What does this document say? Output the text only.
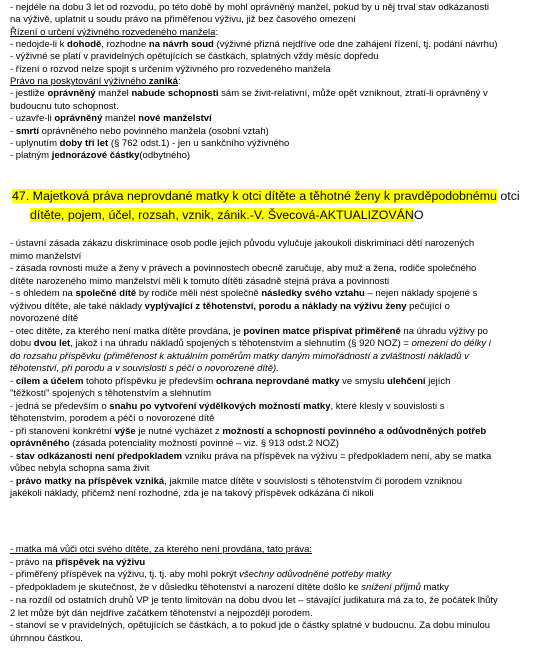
- nejdéle na dobu 3 let od rozvodu, po této době by mohl oprávněný manžel, pokud by u něj trval stav odkázanosti
na výživě, uplatnit u soudu právo na přiměřenou výživu, již bez časového omezení
Řízení o určení výživného rozvedeného manžela:
- nedojde-li k dohodě, rozhodne na návrh soud (výživné přizná nejdříve ode dne zahájení řízení, tj. podání návrhu)
- výživné se platí v pravidelných opětujících se částkách, splatných vždy měsíc dopředu
- řízení o rozvod nelze spojit s určením výživného pro rozvedeného manžela
Právo na poskytování výživného zaniká:
- jestliže oprávněný manžel nabude schopnosti sám se živit-relativní, může opět vzniknout, ztratí-li oprávněný v
budoucnu tuto schopnost.
- uzavře-li oprávněný manžel nové manželství
- smrtí oprávněného nebo povinného manžela (osobní vztah)
- uplynutím doby tří let (§ 762 odst.1) - jen u sankčního výživného
- platným jednorázové částky(odbytného)
47. Majetková práva neprovdané matky k otci dítěte a těhotné ženy k pravděpodobnému otci
dítěte, pojem, účel, rozsah, vznik, zánik.-V. Švecová-AKTUALIZOVÁNO
- ústavní zásada zákazu diskriminace osob podle jejich původu vylučuje jakoukoli diskriminaci dětí narozených
mimo manželství
- zásada rovnosti muže a ženy v právech a povinnostech obecně zaručuje, aby muž a žena, rodiče společného
dítěte narozeného mimo manželství měli k tomuto dítěti zásadně stejná práva a povinnosti
- s ohledem na společné dítě by rodiče měli nést společně následky svého vztahu – nejen náklady spojené s
výživou dítěte, ale také náklady vyplývající z těhotenství, porodu a náklady na výživu ženy pečující o
novorozené dítě
- otec dítěte, za kterého není matka dítěte provdána, je povinen matce přispívat přiměřeně na úhradu výživy po
dobu dvou let, jakož i na úhradu nákladů spojených s těhotenstvím a slehnutím (§ 920 NOZ) = omezení do délky i
do rozsahu příspěvku (přiměřenost k aktuálním poměrům matky daným mimořádností a zvláštností nákladů v
těhotenství, při porodu a v souvislosti s péčí o novorozené dítě).
- cílem a účelem tohoto příspěvku je především ochrana neprovdané matky ve smyslu ulehčení jejích
"těžkostí" spojených s těhotenstvím a slehnutím
- jedná se především o snahu po vytvoření výdělkových možností matky, které klesly v souvislosti s
těhotenstvím, porodem a péčí o novorozené dítě
- při stanovení konkrétní výše je nutné vycházet z možností a schopností povinného a odůvodněných potřeb
oprávněného (zásada potenciality možností povinné – viz. § 913 odst.2 NOZ)
- stav odkázanosti není předpokladem vzniku práva na příspěvek na výživu = předpokladem není, aby se matka
vůbec nebyla schopna sama živit
- právo matky na příspěvek vzniká, jakmile matce dítěte v souvislosti s těhotenstvím či porodem vzniknou
jakékoli náklady, přičemž není rozhodné, zda je na takový příspěvek odkázána či nikoli
- matka má vůči otci svého dítěte, za kterého není provdána, tato práva:
- právo na příspěvek na výživu
- přiměřený příspěvek na výživu, tj. tj. aby mohl pokrýt všechny odůvodněné potřeby matky
- předpokladem je skutečnost, že v důsledku těhotenství a narození dítěte došlo ke snížení příjmů matky
- na rozdíl od ostatních druhů VP je tento limitován na dobu dvou let – stávající judikatura má za to, že počátek lhůty
2 let může být dán nejdříve začátkem těhotenství a nejpozději porodem.
- stanoví se v pravidelných, opětujících se částkách, a to pokud jde o částky splatné v budoucnu. Za dobu minulou
úhrnnou částkou.
